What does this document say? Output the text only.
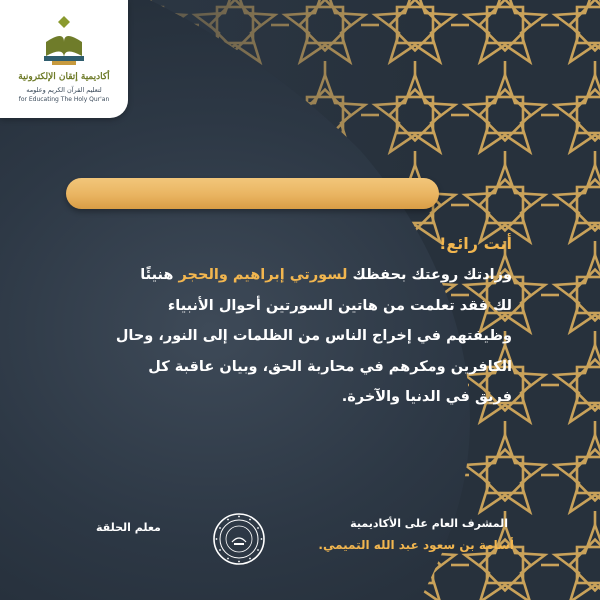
أكاديمية إتقان الإلكترونية
لتعليم القرآن الكريم وعلومه
for Educating The Holy Qur'an
أنت رائع!
وزادتك روعتك بحفظك لسورتي إبراهيم والحجر هنيئًا
لك فقد تعلمت من هاتين السورتين أحوال الأنبياء
وظيفتهم في إخراج الناس من الظلمات إلى النور، وحال
الكافرين ومكرهم في محاربة الحق، وبيان عاقبة كل
فريق في الدنيا والآخرة.
المشرف العام على الأكاديمية
أسامة بن سعود عبد الله التميمي.
معلم الحلقة
